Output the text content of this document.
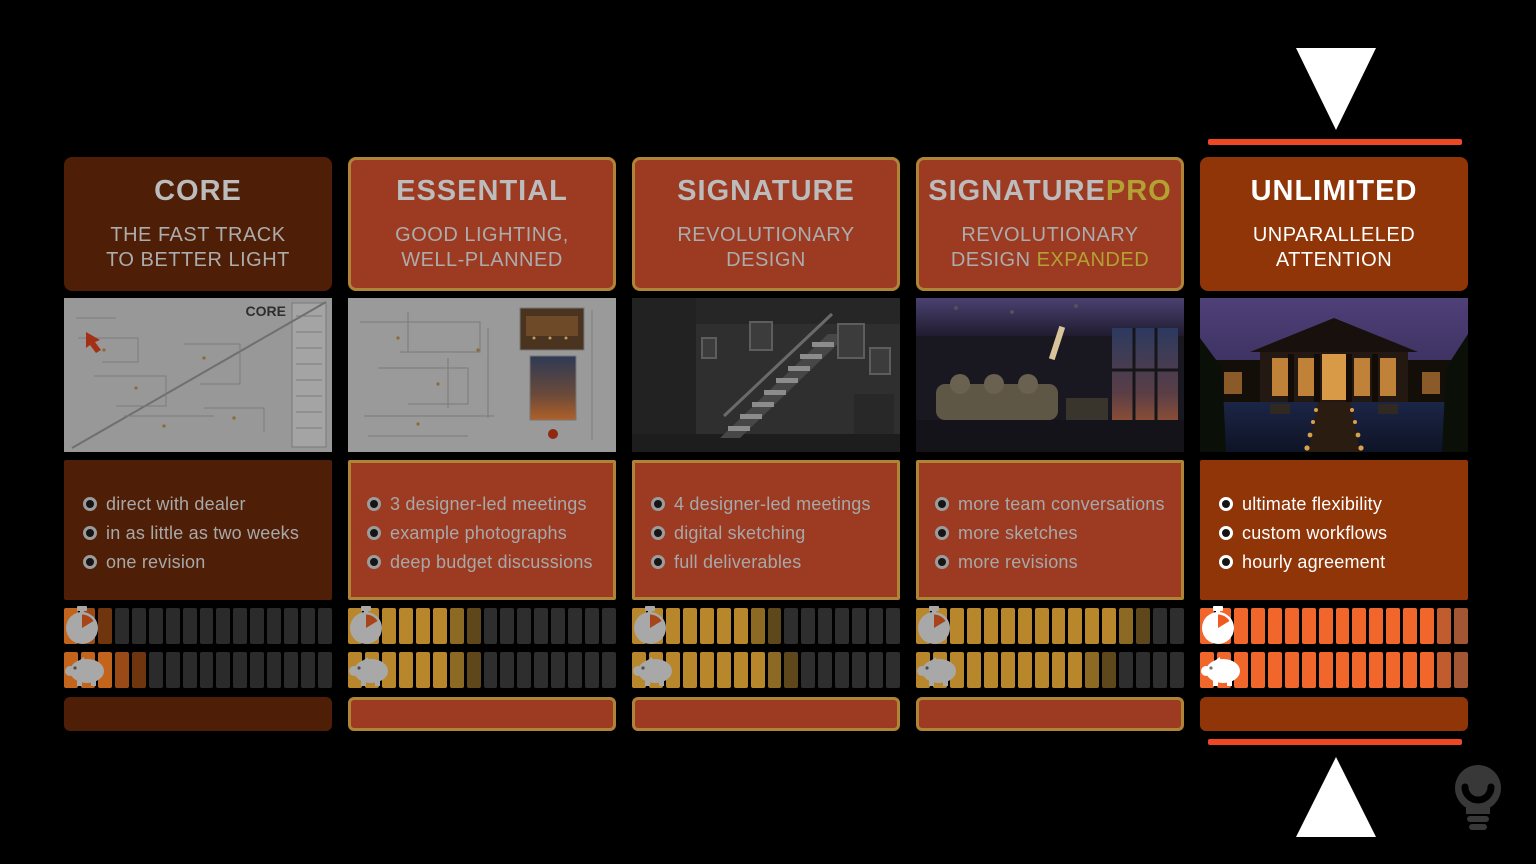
CORE

THE FAST TRACK
TO BETTER LIGHT

CORE
direct with dealer
in as little as two weeks
one revision
ESSENTIAL

GOOD LIGHTING,
WELL-PLANNED

3 designer-led meetings
example photographs
deep budget discussions
SIGNATURE

REVOLUTIONARY
DESIGN

4 designer-led meetings
digital sketching
full deliverables
SIGNATUREPRO

REVOLUTIONARY
DESIGN EXPANDED

more team conversations
more sketches
more revisions
UNLIMITED

UNPARALLELED
ATTENTION

ultimate flexibility
custom workflows
hourly agreement
